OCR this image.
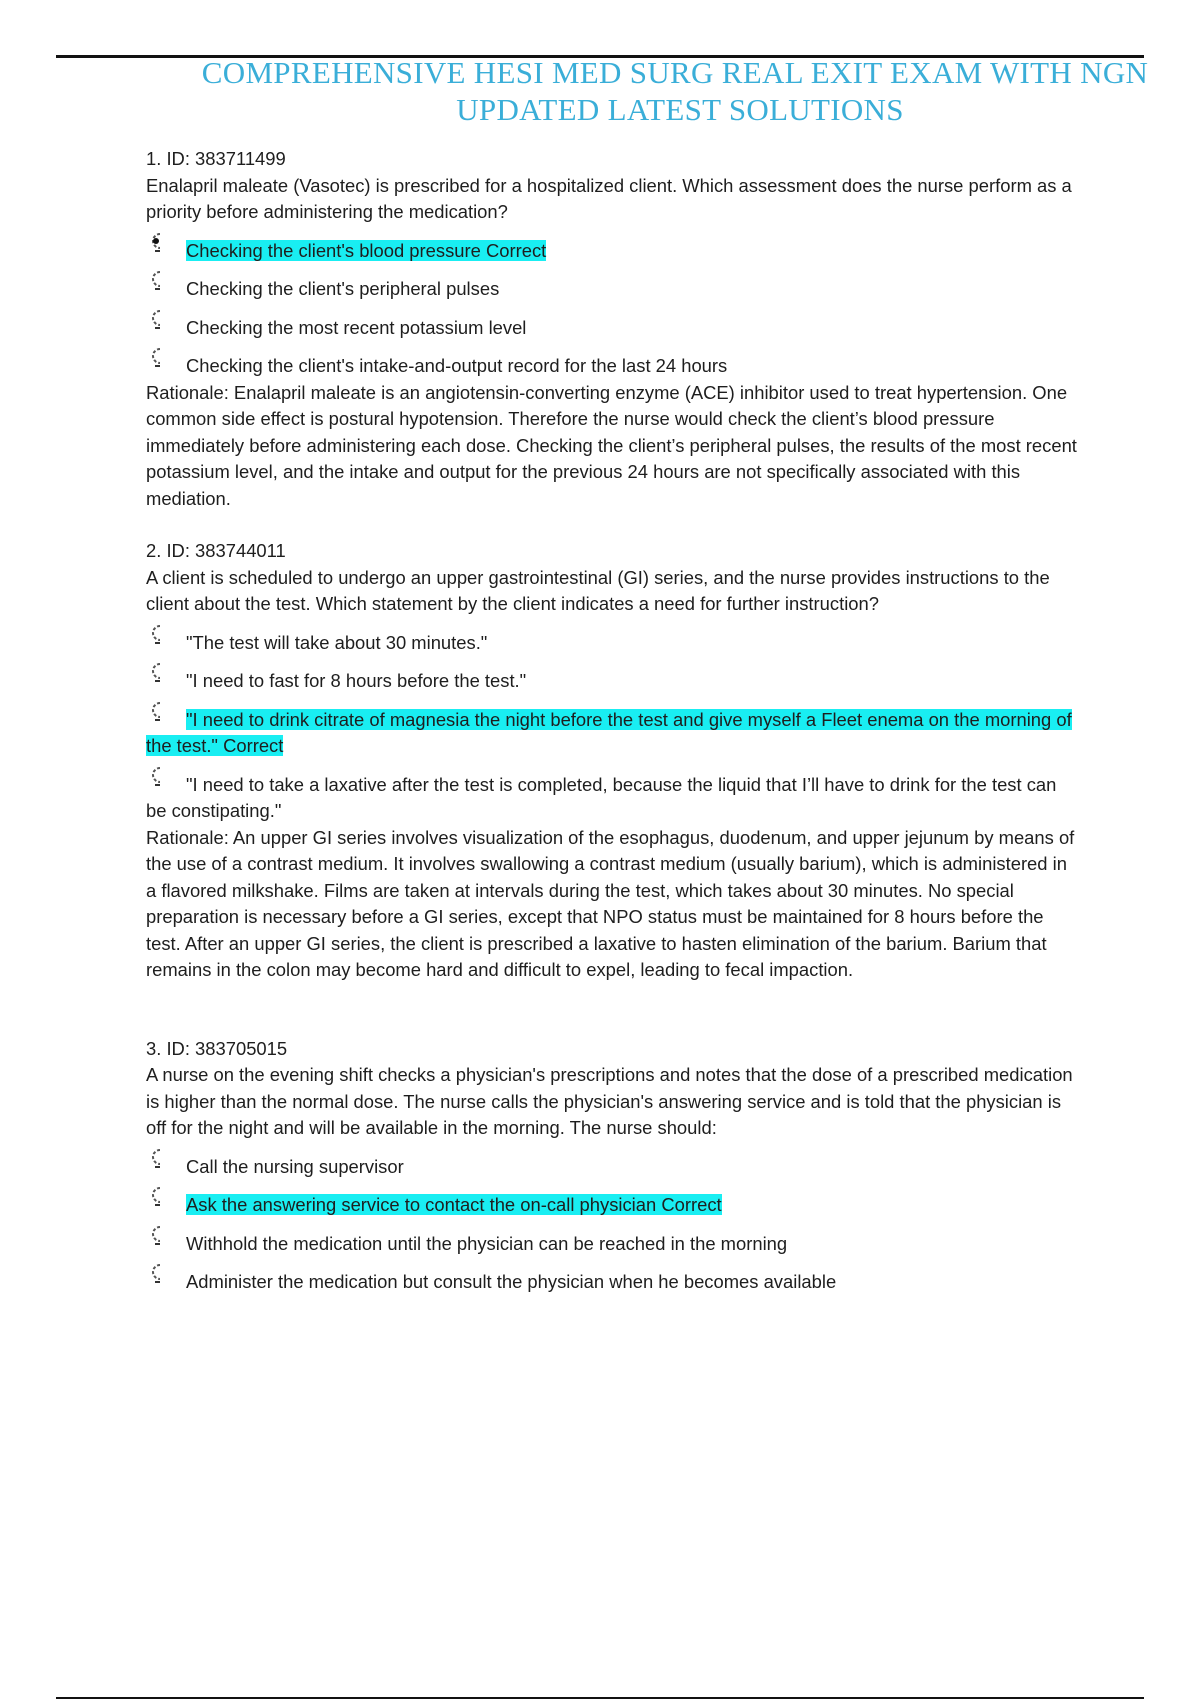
COMPREHENSIVE HESI MED SURG REAL EXIT EXAM WITH NGN
UPDATED LATEST SOLUTIONS

1. ID: 383711499

Enalapril maleate (Vasotec) is prescribed for a hospitalized client. Which assessment does the nurse perform as a priority before administering the medication?

Checking the client's blood pressure Correct
Checking the client's peripheral pulses
Checking the most recent potassium level
Checking the client's intake-and-output record for the last 24 hours

Rationale: Enalapril maleate is an angiotensin-converting enzyme (ACE) inhibitor used to treat hypertension. One common side effect is postural hypotension. Therefore the nurse would check the client’s blood pressure immediately before administering each dose. Checking the client’s peripheral pulses, the results of the most recent potassium level, and the intake and output for the previous 24 hours are not specifically associated with this mediation.

2. ID: 383744011

A client is scheduled to undergo an upper gastrointestinal (GI) series, and the nurse provides instructions to the client about the test. Which statement by the client indicates a need for further instruction?

"The test will take about 30 minutes."
"I need to fast for 8 hours before the test."
"I need to drink citrate of magnesia the night before the test and give myself a Fleet enema on the morning of the test." Correct
"I need to take a laxative after the test is completed, because the liquid that I’ll have to drink for the test can be constipating."

Rationale: An upper GI series involves visualization of the esophagus, duodenum, and upper jejunum by means of the use of a contrast medium. It involves swallowing a contrast medium (usually barium), which is administered in a flavored milkshake. Films are taken at intervals during the test, which takes about 30 minutes. No special preparation is necessary before a GI series, except that NPO status must be maintained for 8 hours before the test. After an upper GI series, the client is prescribed a laxative to hasten elimination of the barium. Barium that remains in the colon may become hard and difficult to expel, leading to fecal impaction.

3. ID: 383705015

A nurse on the evening shift checks a physician's prescriptions and notes that the dose of a prescribed medication is higher than the normal dose. The nurse calls the physician's answering service and is told that the physician is off for the night and will be available in the morning. The nurse should:

Call the nursing supervisor
Ask the answering service to contact the on-call physician Correct
Withhold the medication until the physician can be reached in the morning
Administer the medication but consult the physician when he becomes available
